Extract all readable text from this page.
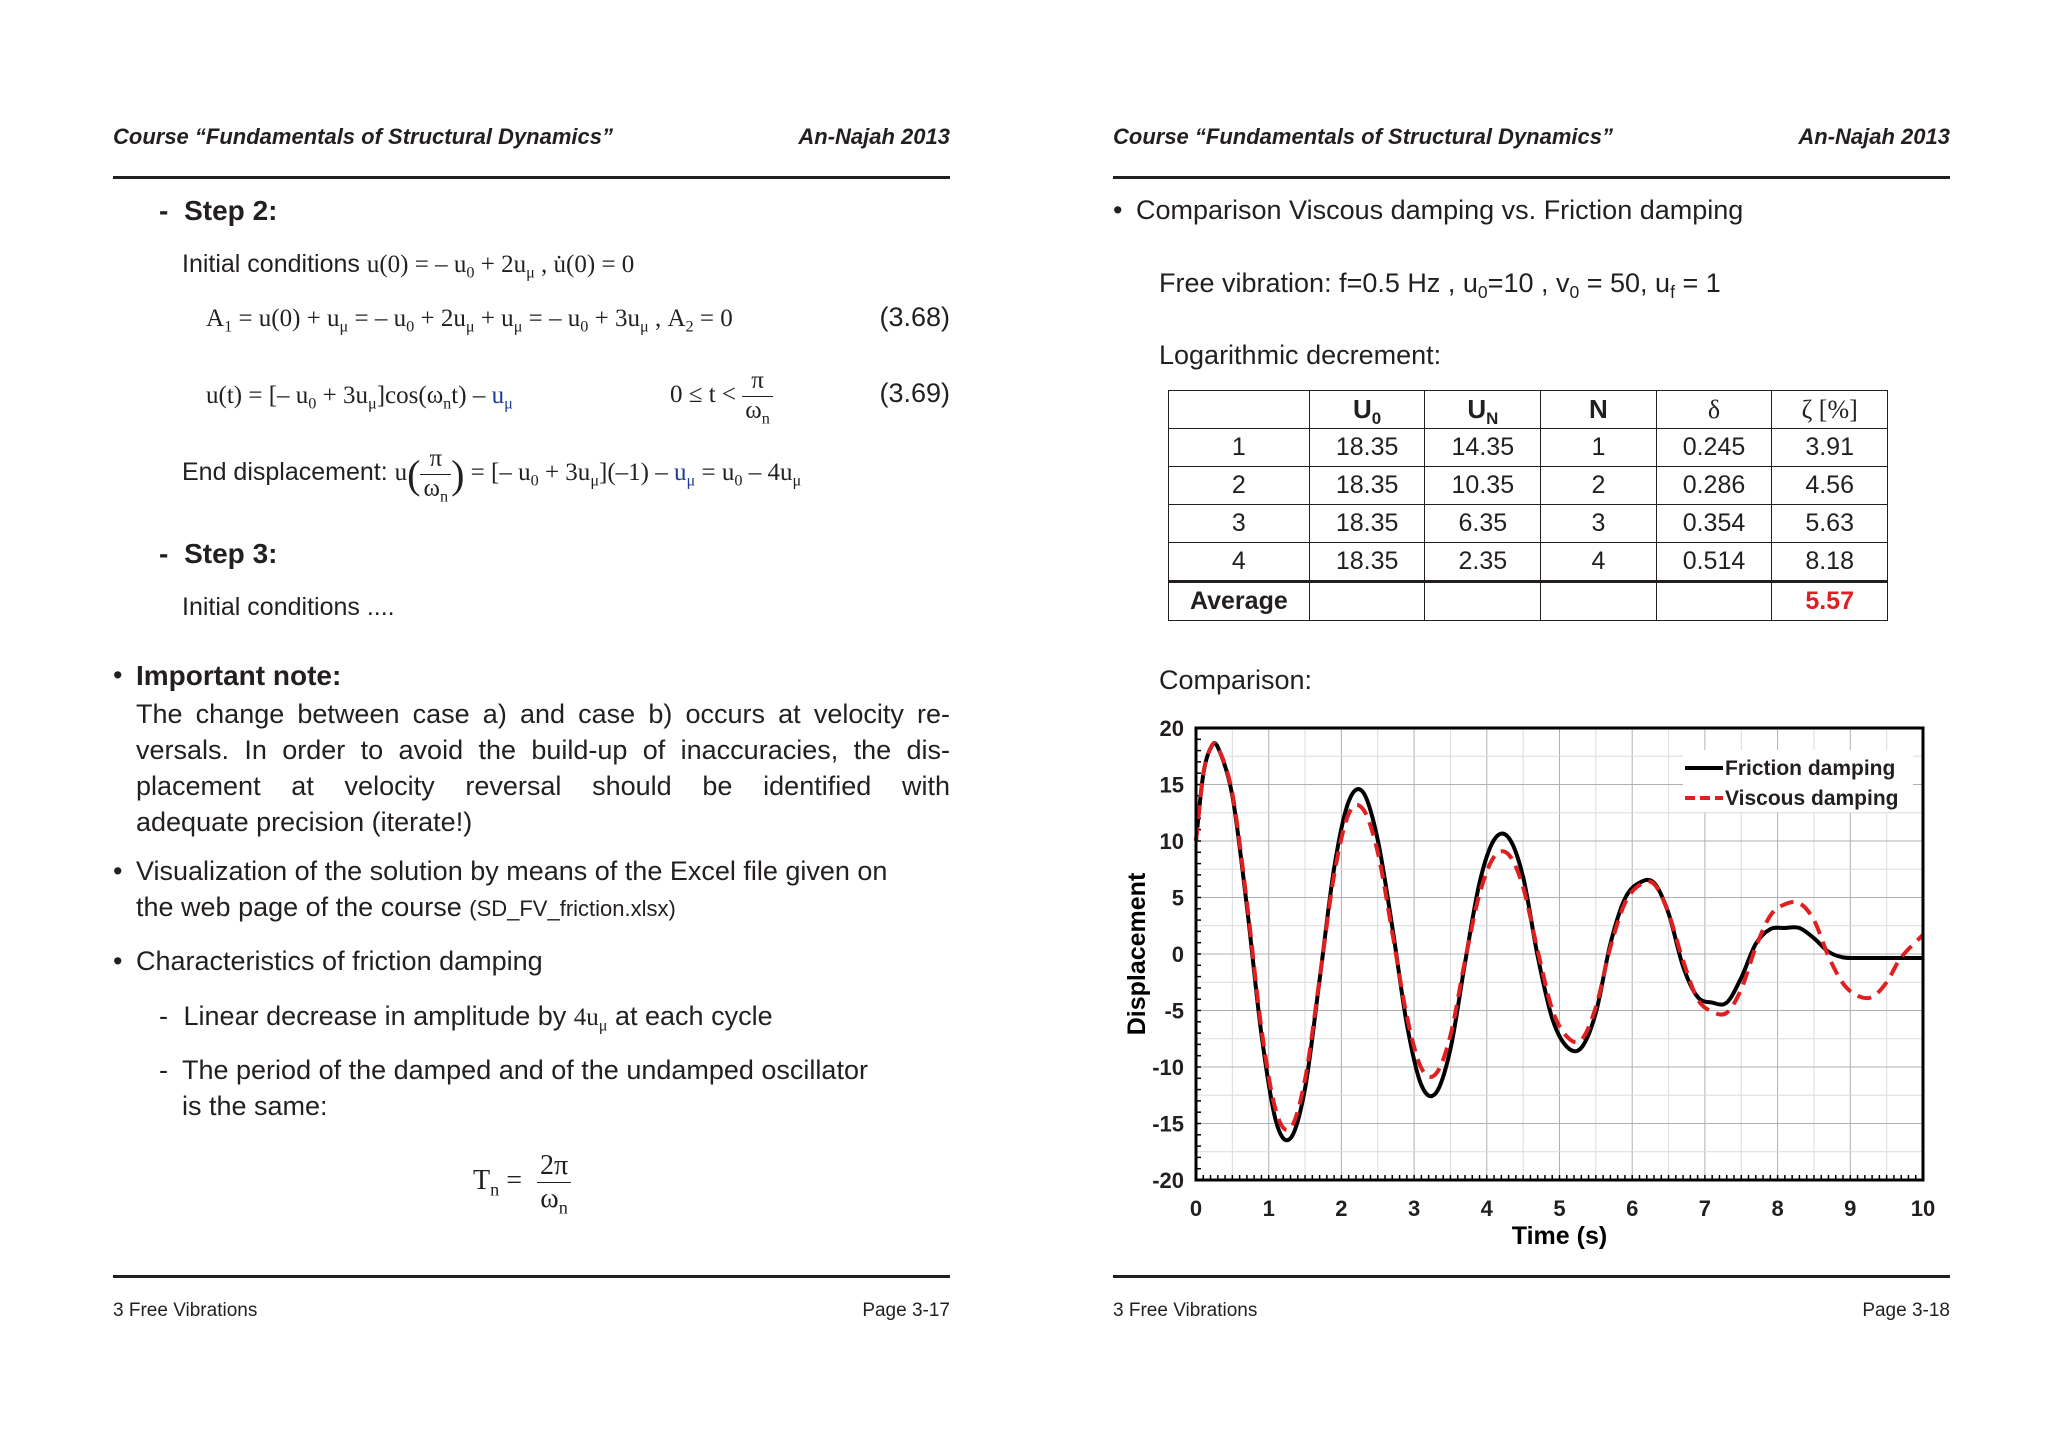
Course “Fundamentals of Structural Dynamics”	An-Najah 2013
- Step 2:
Initial conditions u(0) = – $u_0 + 2u_\mu$ , u̇(0) = 0
$A_1 = u(0) + u_\mu$ = – $u_0 + 2u_\mu + u_\mu$ = – $u_0 + 3u_\mu$ , $A_2 = 0$	(3.68)
u(t) = [– $u_0 + 3u_\mu]\cos(\omega_nt) - u_\mu$	$0 \le t < \frac{\pi}{\omega_n}$	(3.69)
End displacement: $u( \frac{\pi}{\omega_n}$ ) = [– $u_0 + 3u_\mu](-1) - u_\mu = u_0 - 4u_\mu$
- Step 3:
Initial conditions ....
• Important note:
The change between case a) and case b) occurs at velocity re-
versals. In order to avoid the build-up of inaccuracies, the dis-
placement at velocity reversal should be identified with
adequate precision (iterate!)
• Visualization of the solution by means of the Excel file given on
the web page of the course (SD_FV_friction.xlsx)
• Characteristics of friction damping
- Linear decrease in amplitude by $4u_\mu$ at each cycle
- The period of the damped and of the undamped oscillator
is the same:
$T_n = \frac{2\pi}{\omega_n}$
3 Free Vibrations	Page 3-17
Course “Fundamentals of Structural Dynamics”	An-Najah 2013
• Comparison Viscous damping vs. Friction damping
Free vibration: f=0.5 Hz , $u_0=10$ , $v_0 = 50$, $u_f = 1$
Logarithmic decrement:
	$U_0$	$U_N$	N	δ	ζ [%]
1	18.35	14.35	1	0.245	3.91
2	18.35	10.35	2	0.286	4.56
3	18.35	6.35	3	0.354	5.63
4	18.35	2.35	4	0.514	8.18
Average					5.57
Comparison:
-20
-15
-10
-5
0
5
10
15
20
0	1	2	3	4	5	6	7	8	9 10
Time (s)
Displacement
Friction damping
Viscous damping
3 Free Vibrations	Page 3-18
